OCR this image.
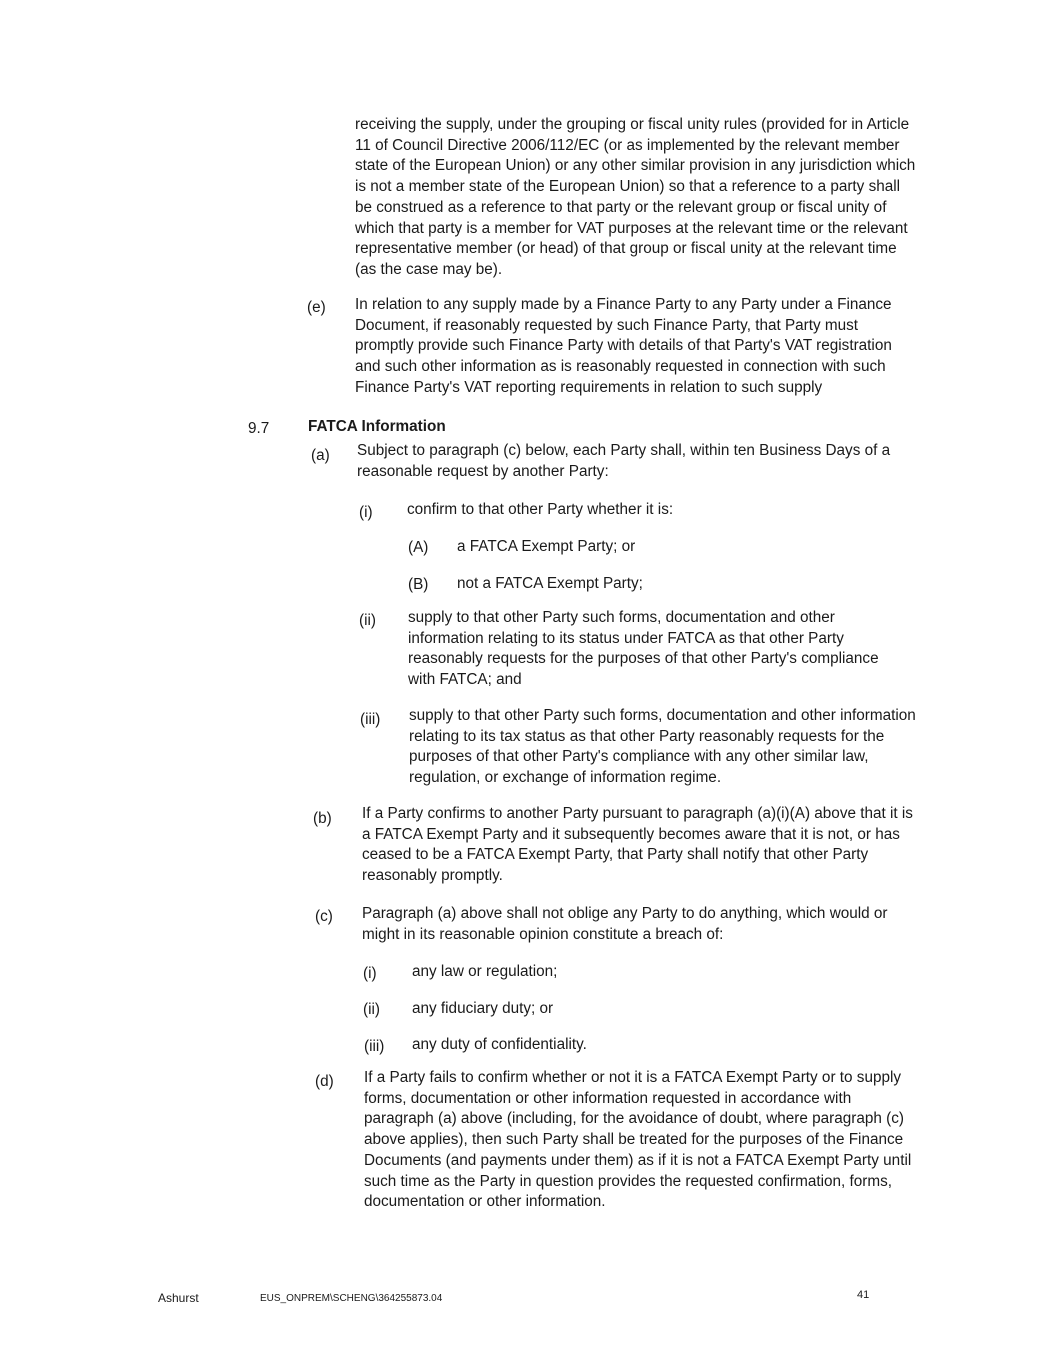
receiving the supply, under the grouping or fiscal unity rules (provided for in Article 11 of Council Directive 2006/112/EC (or as implemented by the relevant member state of the European Union) or any other similar provision in any jurisdiction which is not a member state of the European Union) so that a reference to a party shall be construed as a reference to that party or the relevant group or fiscal unity of which that party is a member for VAT purposes at the relevant time or the relevant representative member (or head) of that group or fiscal unity at the relevant time (as the case may be).

(e) In relation to any supply made by a Finance Party to any Party under a Finance Document, if reasonably requested by such Finance Party, that Party must promptly provide such Finance Party with details of that Party's VAT registration and such other information as is reasonably requested in connection with such Finance Party's VAT reporting requirements in relation to such supply

9.7	FATCA Information
(a) Subject to paragraph (c) below, each Party shall, within ten Business Days of a reasonable request by another Party:

(i) confirm to that other Party whether it is:

(A) a FATCA Exempt Party; or

(B) not a FATCA Exempt Party;

(ii) supply to that other Party such forms, documentation and other information relating to its status under FATCA as that other Party reasonably requests for the purposes of that other Party's compliance with FATCA; and

(iii) supply to that other Party such forms, documentation and other information relating to its tax status as that other Party reasonably requests for the purposes of that other Party's compliance with any other similar law, regulation, or exchange of information regime.

(b) If a Party confirms to another Party pursuant to paragraph (a)(i)(A) above that it is a FATCA Exempt Party and it subsequently becomes aware that it is not, or has ceased to be a FATCA Exempt Party, that Party shall notify that other Party reasonably promptly.

(c) Paragraph (a) above shall not oblige any Party to do anything, which would or might in its reasonable opinion constitute a breach of:

(i) any law or regulation;

(ii) any fiduciary duty; or

(iii) any duty of confidentiality.

(d) If a Party fails to confirm whether or not it is a FATCA Exempt Party or to supply forms, documentation or other information requested in accordance with paragraph (a) above (including, for the avoidance of doubt, where paragraph (c) above applies), then such Party shall be treated for the purposes of the Finance Documents (and payments under them) as if it is not a FATCA Exempt Party until such time as the Party in question provides the requested confirmation, forms, documentation or other information.

Ashurst	EUS_ONPREM\SCHENG\364255873.04	41
